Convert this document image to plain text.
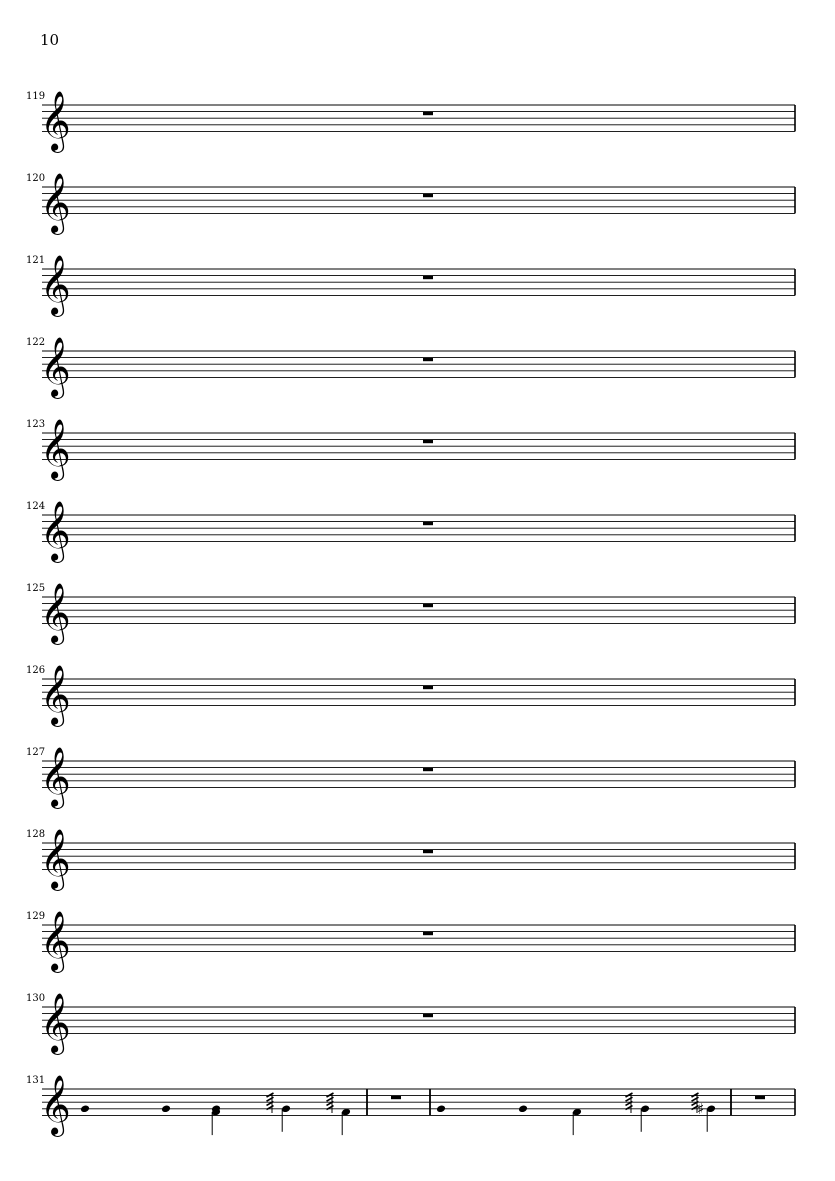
10
119
𝄞
120
𝄞
121
𝄞
122
𝄞
123
𝄞
124
𝄞
125
𝄞
126
𝄞
127
𝄞
128
𝄞
129
𝄞
130
𝄞
131
𝄞	♯
